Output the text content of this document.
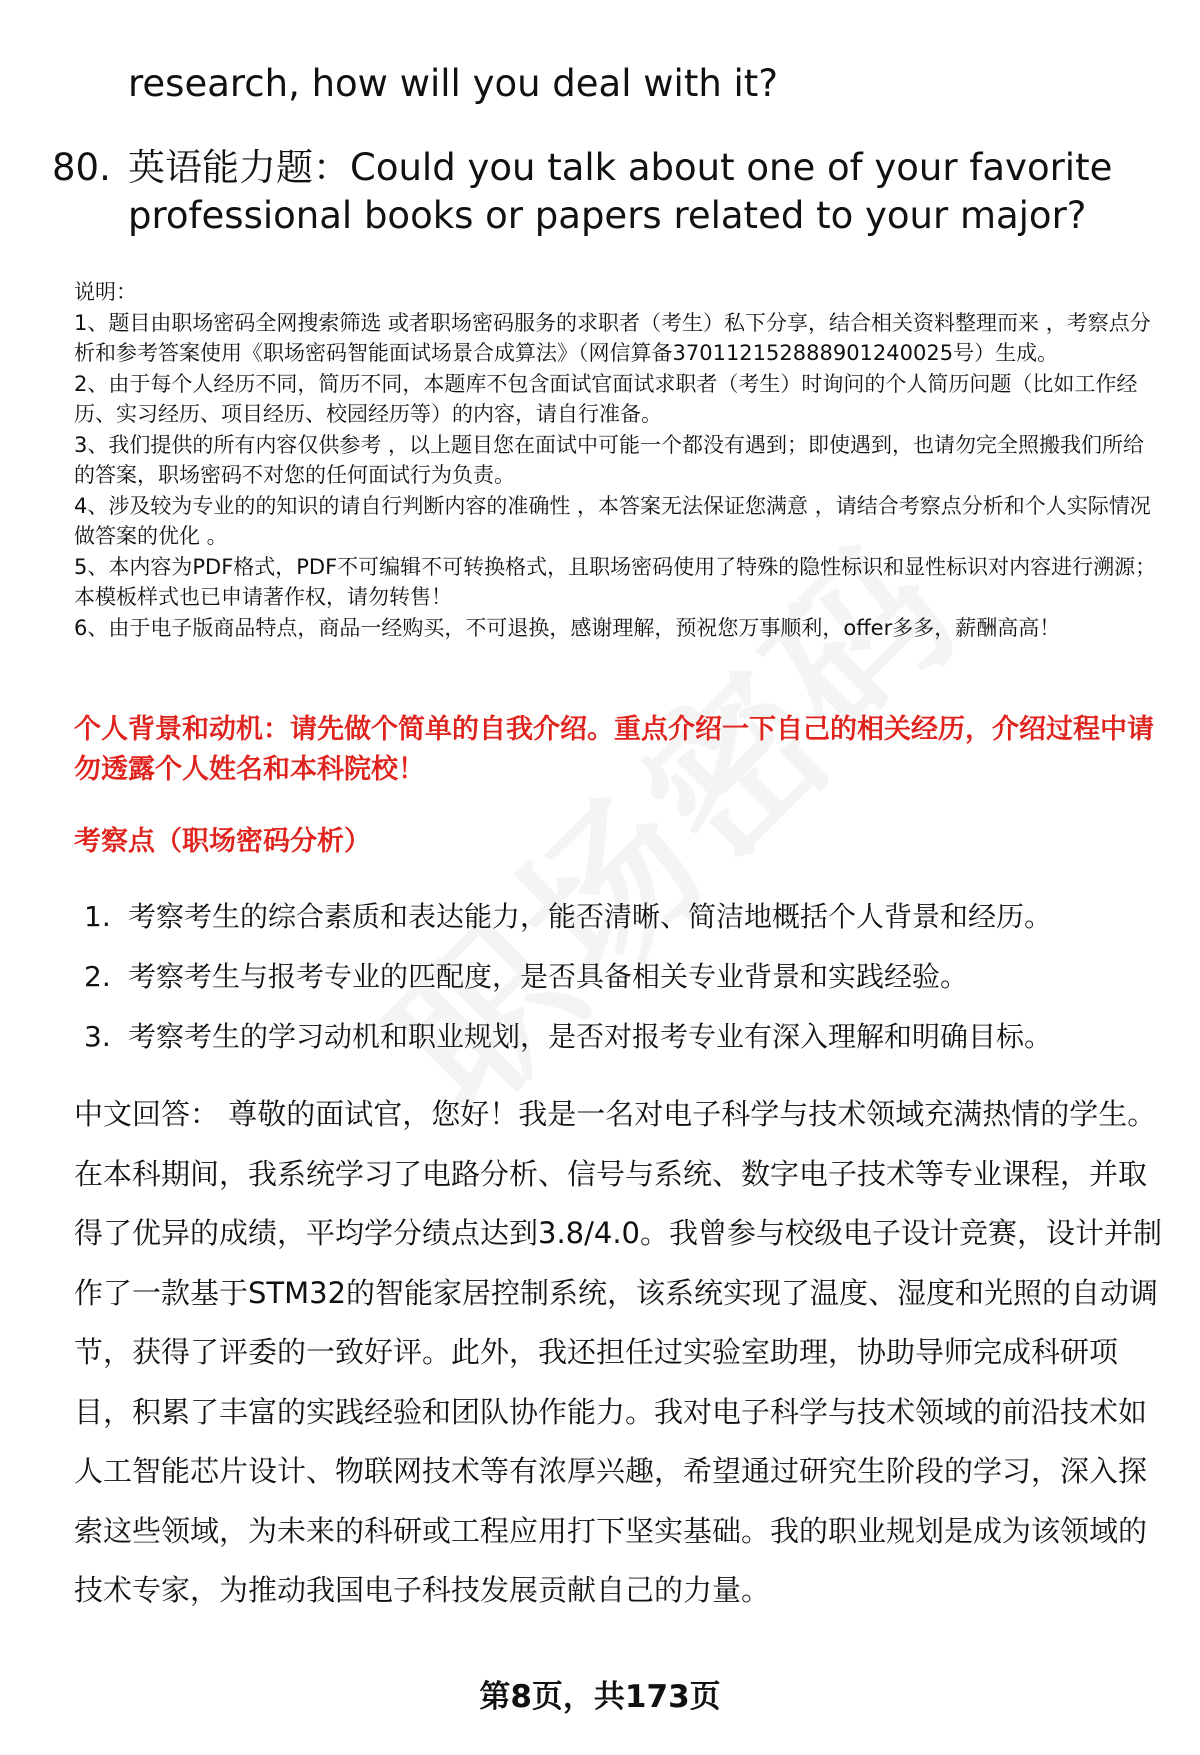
research, how will you deal with it?
80. 英语能力题：Could you talk about one of your favorite
professional books or papers related to your major?

说明：

1、题目由职场密码全网搜索筛选 或者职场密码服务的求职者（考生）私下分享，结合相关资料整理而来 ，考察点分析和参考答案使用《职场密码智能面试场景合成算法》（网信算备370112152888901240025号）生成。

2、由于每个人经历不同，简历不同，本题库不包含面试官面试求职者（考生）时询问的个人简历问题（比如工作经历、实习经历、项目经历、校园经历等）的内容，请自行准备。

3、我们提供的所有内容仅供参考 ，以上题目您在面试中可能一个都没有遇到；即使遇到，也请勿完全照搬我们所给的答案，职场密码不对您的任何面试行为负责。

4、涉及较为专业的的知识的请自行判断内容的准确性 ，本答案无法保证您满意 ，请结合考察点分析和个人实际情况做答案的优化 。

5、本内容为PDF格式，PDF不可编辑不可转换格式，且职场密码使用了特殊的隐性标识和显性标识对内容进行溯源；本模板样式也已申请著作权，请勿转售！

6、由于电子版商品特点，商品一经购买，不可退换，感谢理解，预祝您万事顺利，offer多多，薪酬高高！

个人背景和动机：请先做个简单的自我介绍。重点介绍一下自己的相关经历，介绍过程中请勿透露个人姓名和本科院校！
考察点（职场密码分析）
1. 考察考生的综合素质和表达能力，能否清晰、简洁地概括个人背景和经历。
2. 考察考生与报考专业的匹配度，是否具备相关专业背景和实践经验。
3. 考察考生的学习动机和职业规划，是否对报考专业有深入理解和明确目标。

中文回答： 尊敬的面试官，您好！我是一名对电子科学与技术领域充满热情的学生。在本科期间，我系统学习了电路分析、信号与系统、数字电子技术等专业课程，并取得了优异的成绩，平均学分绩点达到3.8/4.0。我曾参与校级电子设计竞赛，设计并制作了一款基于STM32的智能家居控制系统，该系统实现了温度、湿度和光照的自动调节，获得了评委的一致好评。此外，我还担任过实验室助理，协助导师完成科研项目，积累了丰富的实践经验和团队协作能力。我对电子科学与技术领域的前沿技术如人工智能芯片设计、物联网技术等有浓厚兴趣，希望通过研究生阶段的学习，深入探索这些领域，为未来的科研或工程应用打下坚实基础。我的职业规划是成为该领域的技术专家，为推动我国电子科技发展贡献自己的力量。

第8页，共173页
